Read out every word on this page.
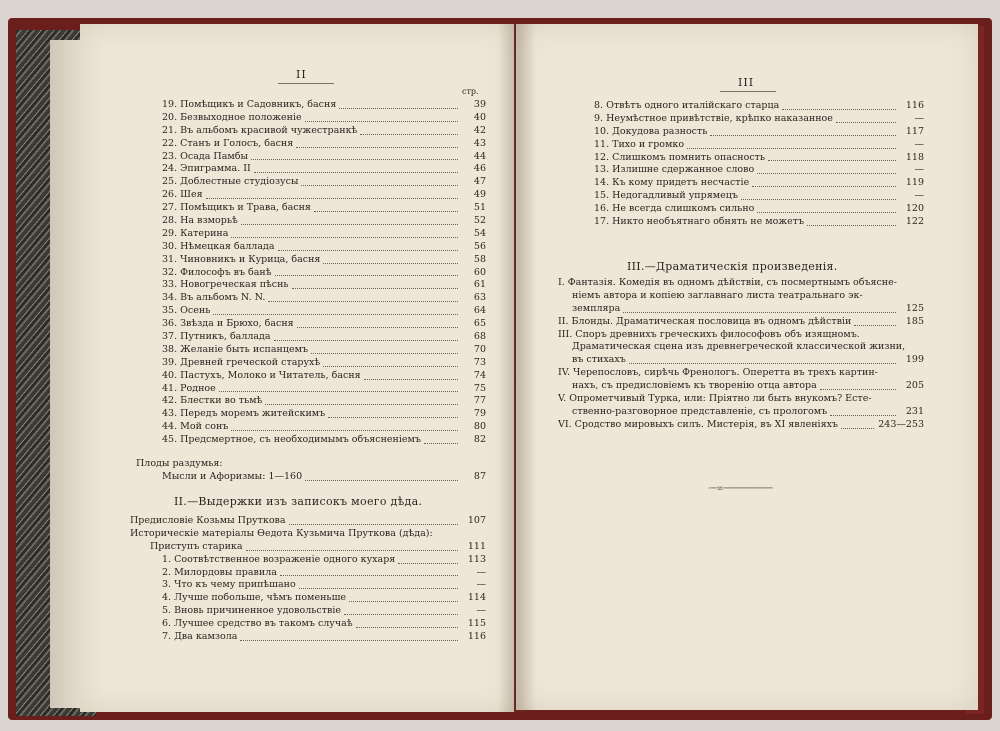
II
стр.
19. Помѣщикъ и Садовникъ, басня	39
20. Безвыходное положеніе	40
21. Въ альбомъ красивой чужестранкѣ	42
22. Станъ и Голосъ, басня	43
23. Осада Памбы	44
24. Эпиграмма. II	46
25. Доблестные студіозусы	47
26. Шея	49
27. Помѣщикъ и Трава, басня	51
28. На взморьѣ	52
29. Катерина	54
30. Нѣмецкая баллада	56
31. Чиновникъ и Курица, басня	58
32. Философъ въ банѣ	60
33. Новогреческая пѣснь	61
34. Въ альбомъ N. N.	63
35. Осень	64
36. Звѣзда и Брюхо, басня	65
37. Путникъ, баллада	68
38. Желаніе быть испанцемъ	70
39. Древней греческой старухѣ	73
40. Пастухъ, Молоко и Читатель, басня	74
41. Родное	75
42. Блестки во тьмѣ	77
43. Передъ моремъ житейскимъ	79
44. Мой сонъ	80
45. Предсмертное, съ необходимымъ объясненіемъ	82
Плоды раздумья:
Мысли и Афоризмы: 1—160	87
II.—Выдержки изъ записокъ моего дѣда.
Предисловіе Козьмы Пруткова	107
Историческіе матеріалы Ѳедота Кузьмича Пруткова (дѣда):
Приступъ старика	111
1. Соотвѣтственное возраженіе одного кухаря	113
2. Милордовы правила	—
3. Что къ чему припѣшано	—
4. Лучше побольше, чѣмъ поменьше	114
5. Вновь причиненное удовольствіе	—
6. Лучшее средство въ такомъ случаѣ	115
7. Два камзола	116
III
8. Отвѣтъ одного италійскаго старца	116
9. Неумѣстное привѣтствіе, крѣпко наказанное	—
10. Докудова разность	117
11. Тихо и громко	—
12. Слишкомъ помнить опасность	118
13. Излишне сдержанное слово	—
14. Къ кому придетъ несчастіе	119
15. Недогадливый упрямецъ	—
16. Не всегда слишкомъ сильно	120
17. Никто необъятнаго обнять не можетъ	122
III.—Драматическія произведенія.
I. Фантазія. Комедія въ одномъ дѣйствіи, съ посмертнымъ объясне-
ніемъ автора и копіею заглавнаго листа театральнаго эк-
земпляра	125
II. Блонды. Драматическая пословица въ одномъ дѣйствіи	185
III. Споръ древнихъ греческихъ философовъ объ изящномъ.
Драматическая сцена изъ древнегреческой классической жизни,
въ стихахъ	199
IV. Черепословъ, сирѣчь Френологъ. Оперетта въ трехъ картин-
нахъ, съ предисловіемъ къ творенію отца автора	205
V. Опрометчивый Турка, или: Пріятно ли быть внукомъ? Есте-
ственно-разговорное представленіе, съ прологомъ	231
VI. Сродство мировыхъ силъ. Мистерія, въ XI явленіяхъ	243—253
·─∞─────────
